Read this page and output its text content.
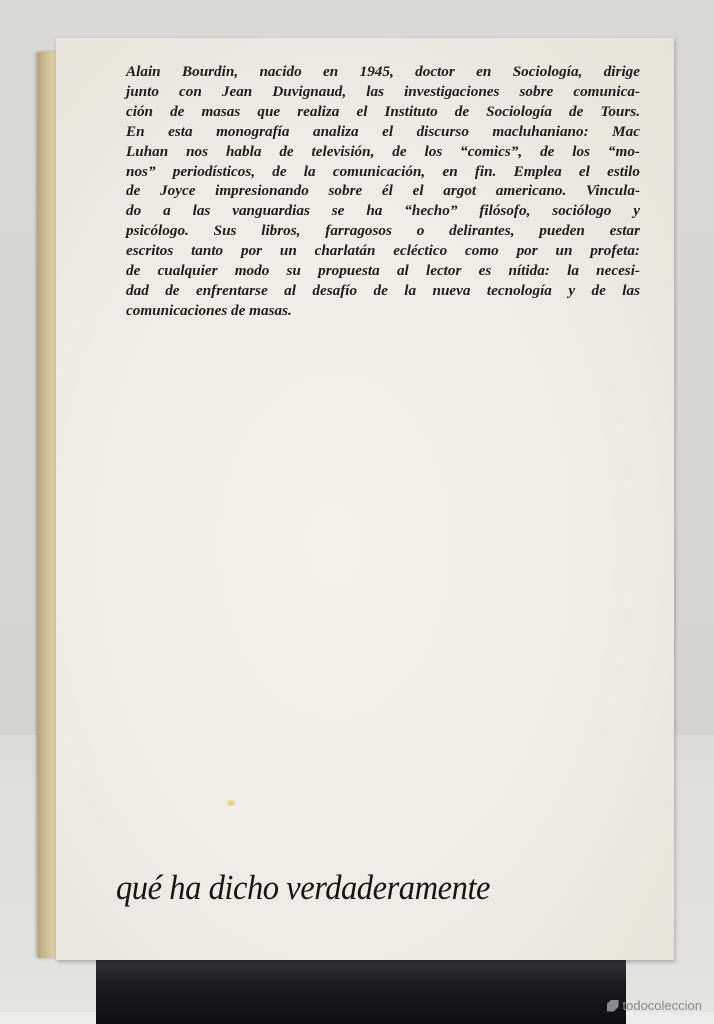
Alain Bourdin, nacido en 1945, doctor en Sociología, dirige
junto con Jean Duvignaud, las investigaciones sobre comunica-
ción de masas que realiza el Instituto de Sociología de Tours.
En esta monografía analiza el discurso macluhaniano: Mac
Luhan nos habla de televisión, de los “comics”, de los “mo-
nos” periodísticos, de la comunicación, en fin. Emplea el estilo
de Joyce impresionando sobre él el argot americano. Vincula-
do a las vanguardias se ha “hecho” filósofo, sociólogo y
psicólogo. Sus libros, farragosos o delirantes, pueden estar
escritos tanto por un charlatán ecléctico como por un profeta:
de cualquier modo su propuesta al lector es nítida: la necesi-
dad de enfrentarse al desafío de la nueva tecnología y de las
comunicaciones de masas.

qué ha dicho verdaderamente

todocoleccion
